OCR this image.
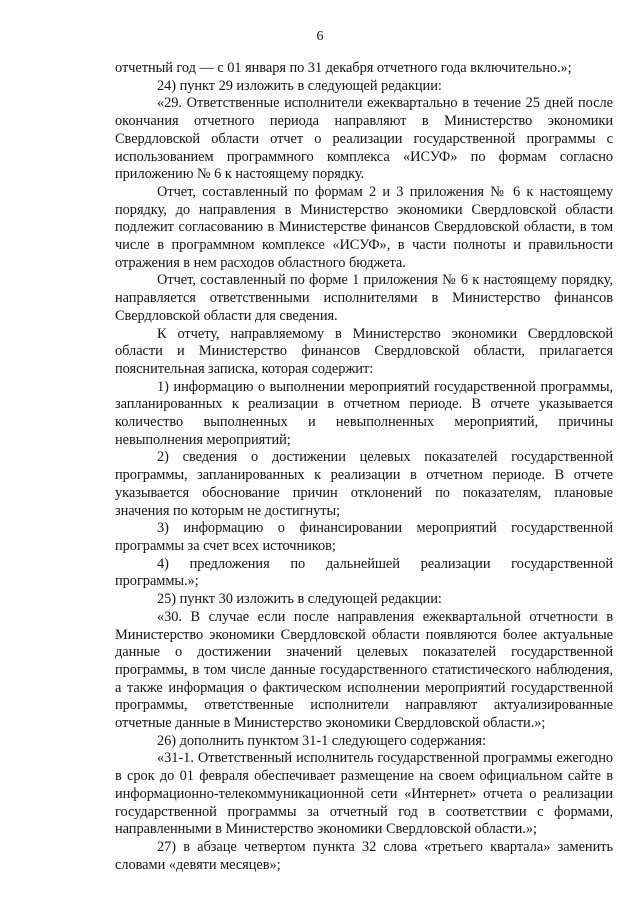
6

отчетный год — с 01 января по 31 декабря отчетного года включительно.»;

24) пункт 29 изложить в следующей редакции:

«29. Ответственные исполнители ежеквартально в течение 25 дней после окончания отчетного периода направляют в Министерство экономики Свердловской области отчет о реализации государственной программы с использованием программного комплекса «ИСУФ» по формам согласно приложению № 6 к настоящему порядку.

Отчет, составленный по формам 2 и 3 приложения № 6 к настоящему порядку, до направления в Министерство экономики Свердловской области подлежит согласованию в Министерстве финансов Свердловской области, в том числе в программном комплексе «ИСУФ», в части полноты и правильности отражения в нем расходов областного бюджета.

Отчет, составленный по форме 1 приложения № 6 к настоящему порядку, направляется ответственными исполнителями в Министерство финансов Свердловской области для сведения.

К отчету, направляемому в Министерство экономики Свердловской области и Министерство финансов Свердловской области, прилагается пояснительная записка, которая содержит:

1) информацию о выполнении мероприятий государственной программы, запланированных к реализации в отчетном периоде. В отчете указывается количество выполненных и невыполненных мероприятий, причины невыполнения мероприятий;

2) сведения о достижении целевых показателей государственной программы, запланированных к реализации в отчетном периоде. В отчете указывается обоснование причин отклонений по показателям, плановые значения по которым не достигнуты;

3) информацию о финансировании мероприятий государственной программы за счет всех источников;

4) предложения по дальнейшей реализации государственной программы.»;

25) пункт 30 изложить в следующей редакции:

«30. В случае если после направления ежеквартальной отчетности в Министерство экономики Свердловской области появляются более актуальные данные о достижении значений целевых показателей государственной программы, в том числе данные государственного статистического наблюдения, а также информация о фактическом исполнении мероприятий государственной программы, ответственные исполнители направляют актуализированные отчетные данные в Министерство экономики Свердловской области.»;

26) дополнить пунктом 31-1 следующего содержания:

«31-1. Ответственный исполнитель государственной программы ежегодно в срок до 01 февраля обеспечивает размещение на своем официальном сайте в информационно-телекоммуникационной сети «Интернет» отчета о реализации государственной программы за отчетный год в соответствии с формами, направленными в Министерство экономики Свердловской области.»;

27) в абзаце четвертом пункта 32 слова «третьего квартала» заменить словами «девяти месяцев»;
